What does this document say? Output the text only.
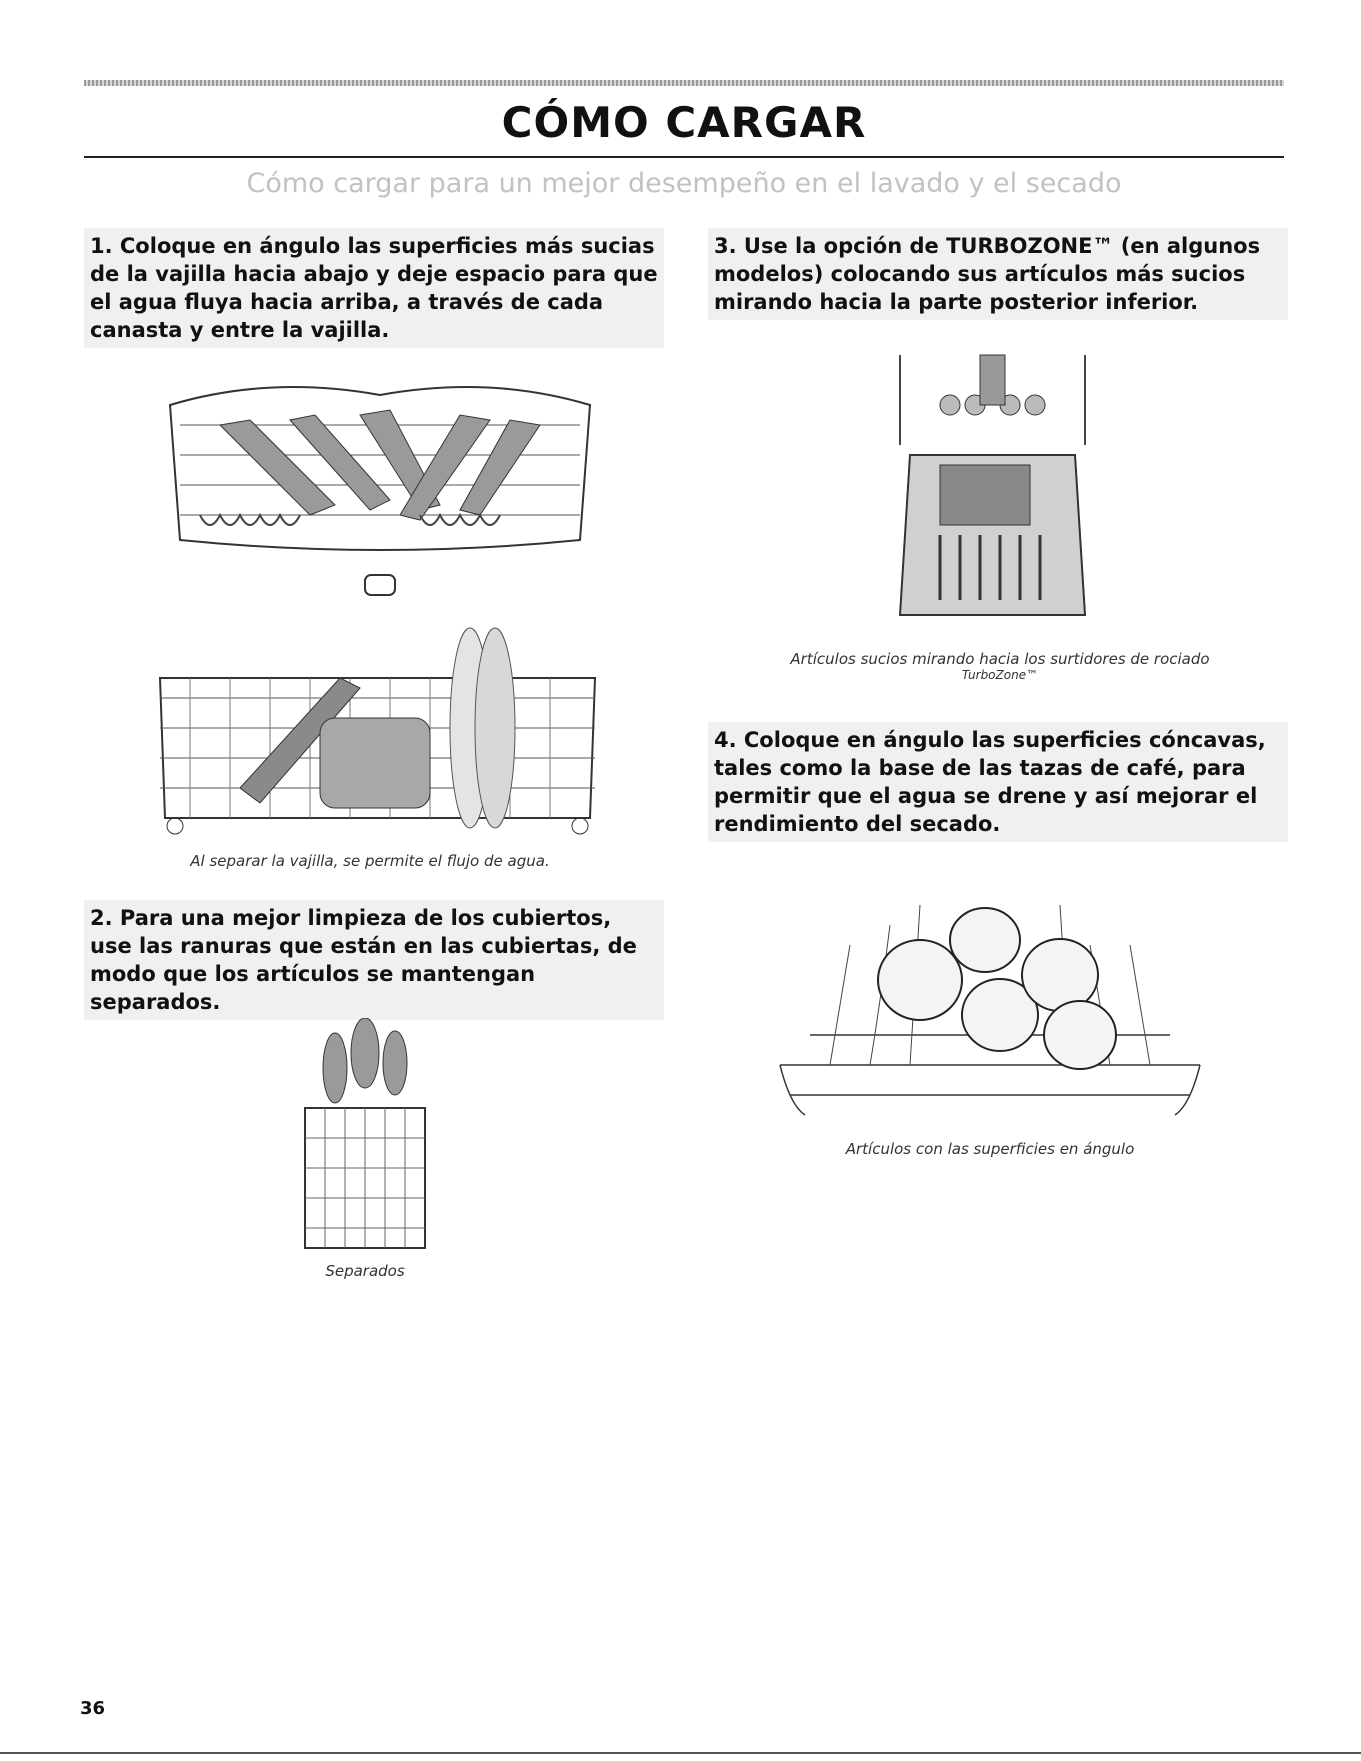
CÓMO CARGAR

Cómo cargar para un mejor desempeño en el lavado y el secado

1. Coloque en ángulo las superficies más sucias de la vajilla hacia abajo y deje espacio para que el agua fluya hacia arriba, a través de cada canasta y entre la vajilla.

Al separar la vajilla, se permite el flujo de agua.

2. Para una mejor limpieza de los cubiertos, use las ranuras que están en las cubiertas, de modo que los artículos se mantengan separados.

Separados

3. Use la opción de TURBOZONE™ (en algunos modelos) colocando sus artículos más sucios mirando hacia la parte posterior inferior.

Artículos sucios mirando hacia los surtidores de rociado
TurboZone™

4. Coloque en ángulo las superficies cóncavas, tales como la base de las tazas de café, para permitir que el agua se drene y así mejorar el rendimiento del secado.

Artículos con las superficies en ángulo

36
